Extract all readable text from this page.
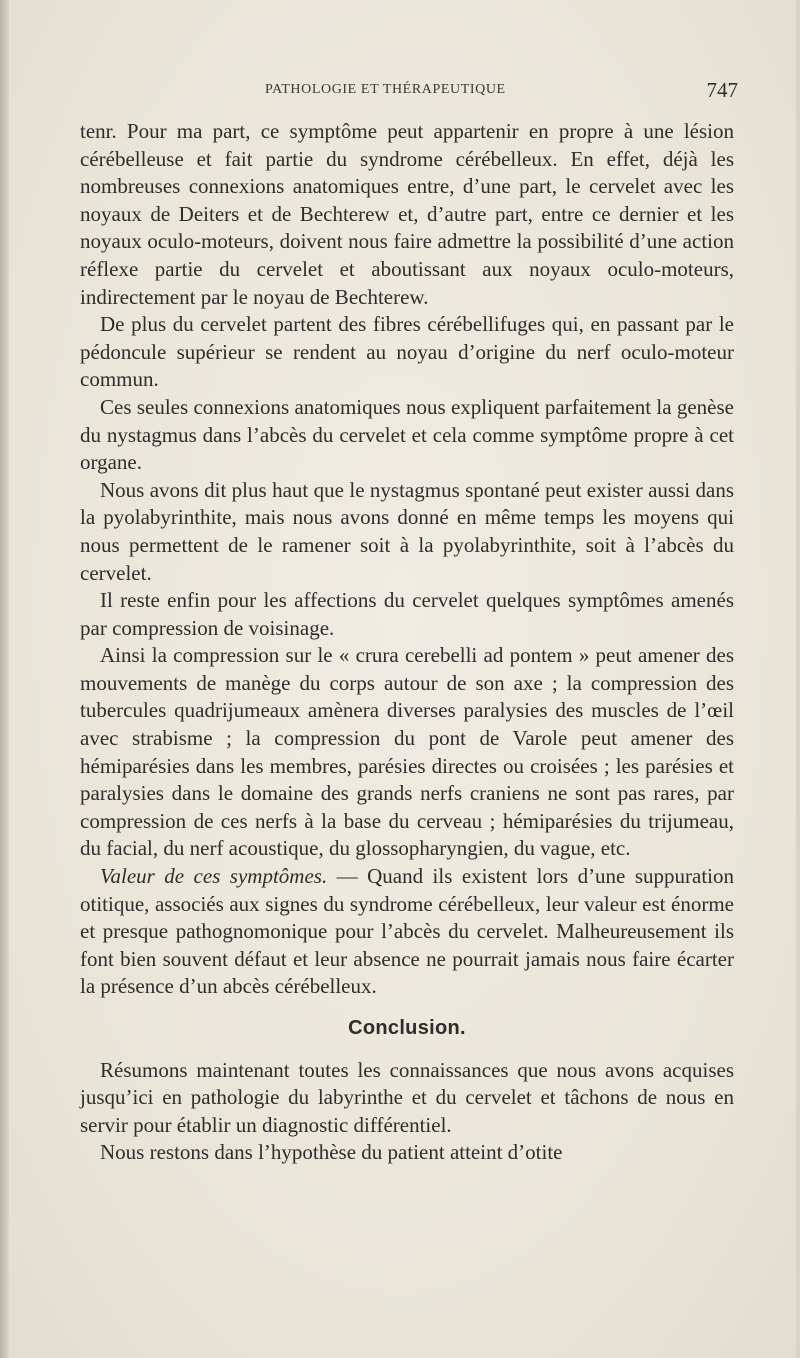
PATHOLOGIE ET THÉRAPEUTIQUE	747

tenr. Pour ma part, ce symptôme peut appartenir en propre à une lésion cérébelleuse et fait partie du syndrome cérébelleux. En effet, déjà les nombreuses connexions anatomiques entre, d’une part, le cervelet avec les noyaux de Deiters et de Bechterew et, d’autre part, entre ce dernier et les noyaux oculo-moteurs, doivent nous faire admettre la possibilité d’une action réflexe partie du cervelet et aboutissant aux noyaux oculo-moteurs, indirectement par le noyau de Bechterew.

De plus du cervelet partent des fibres cérébellifuges qui, en passant par le pédoncule supérieur se rendent au noyau d’origine du nerf oculo-moteur commun.

Ces seules connexions anatomiques nous expliquent parfaitement la genèse du nystagmus dans l’abcès du cervelet et cela comme symptôme propre à cet organe.

Nous avons dit plus haut que le nystagmus spontané peut exister aussi dans la pyolabyrinthite, mais nous avons donné en même temps les moyens qui nous permettent de le ramener soit à la pyolabyrinthite, soit à l’abcès du cervelet.

Il reste enfin pour les affections du cervelet quelques symptômes amenés par compression de voisinage.

Ainsi la compression sur le « crura cerebelli ad pontem » peut amener des mouvements de manège du corps autour de son axe ; la compression des tubercules quadrijumeaux amènera diverses paralysies des muscles de l’œil avec strabisme ; la compression du pont de Varole peut amener des hémiparésies dans les membres, parésies directes ou croisées ; les parésies et paralysies dans le domaine des grands nerfs craniens ne sont pas rares, par compression de ces nerfs à la base du cerveau ; hémiparésies du trijumeau, du facial, du nerf acoustique, du glossopharyngien, du vague, etc.

Valeur de ces symptômes. — Quand ils existent lors d’une suppuration otitique, associés aux signes du syndrome cérébelleux, leur valeur est énorme et presque pathognomonique pour l’abcès du cervelet. Malheureusement ils font bien souvent défaut et leur absence ne pourrait jamais nous faire écarter la présence d’un abcès cérébelleux.

Conclusion.

Résumons maintenant toutes les connaissances que nous avons acquises jusqu’ici en pathologie du labyrinthe et du cervelet et tâchons de nous en servir pour établir un diagnostic différentiel.

Nous restons dans l’hypothèse du patient atteint d’otite
